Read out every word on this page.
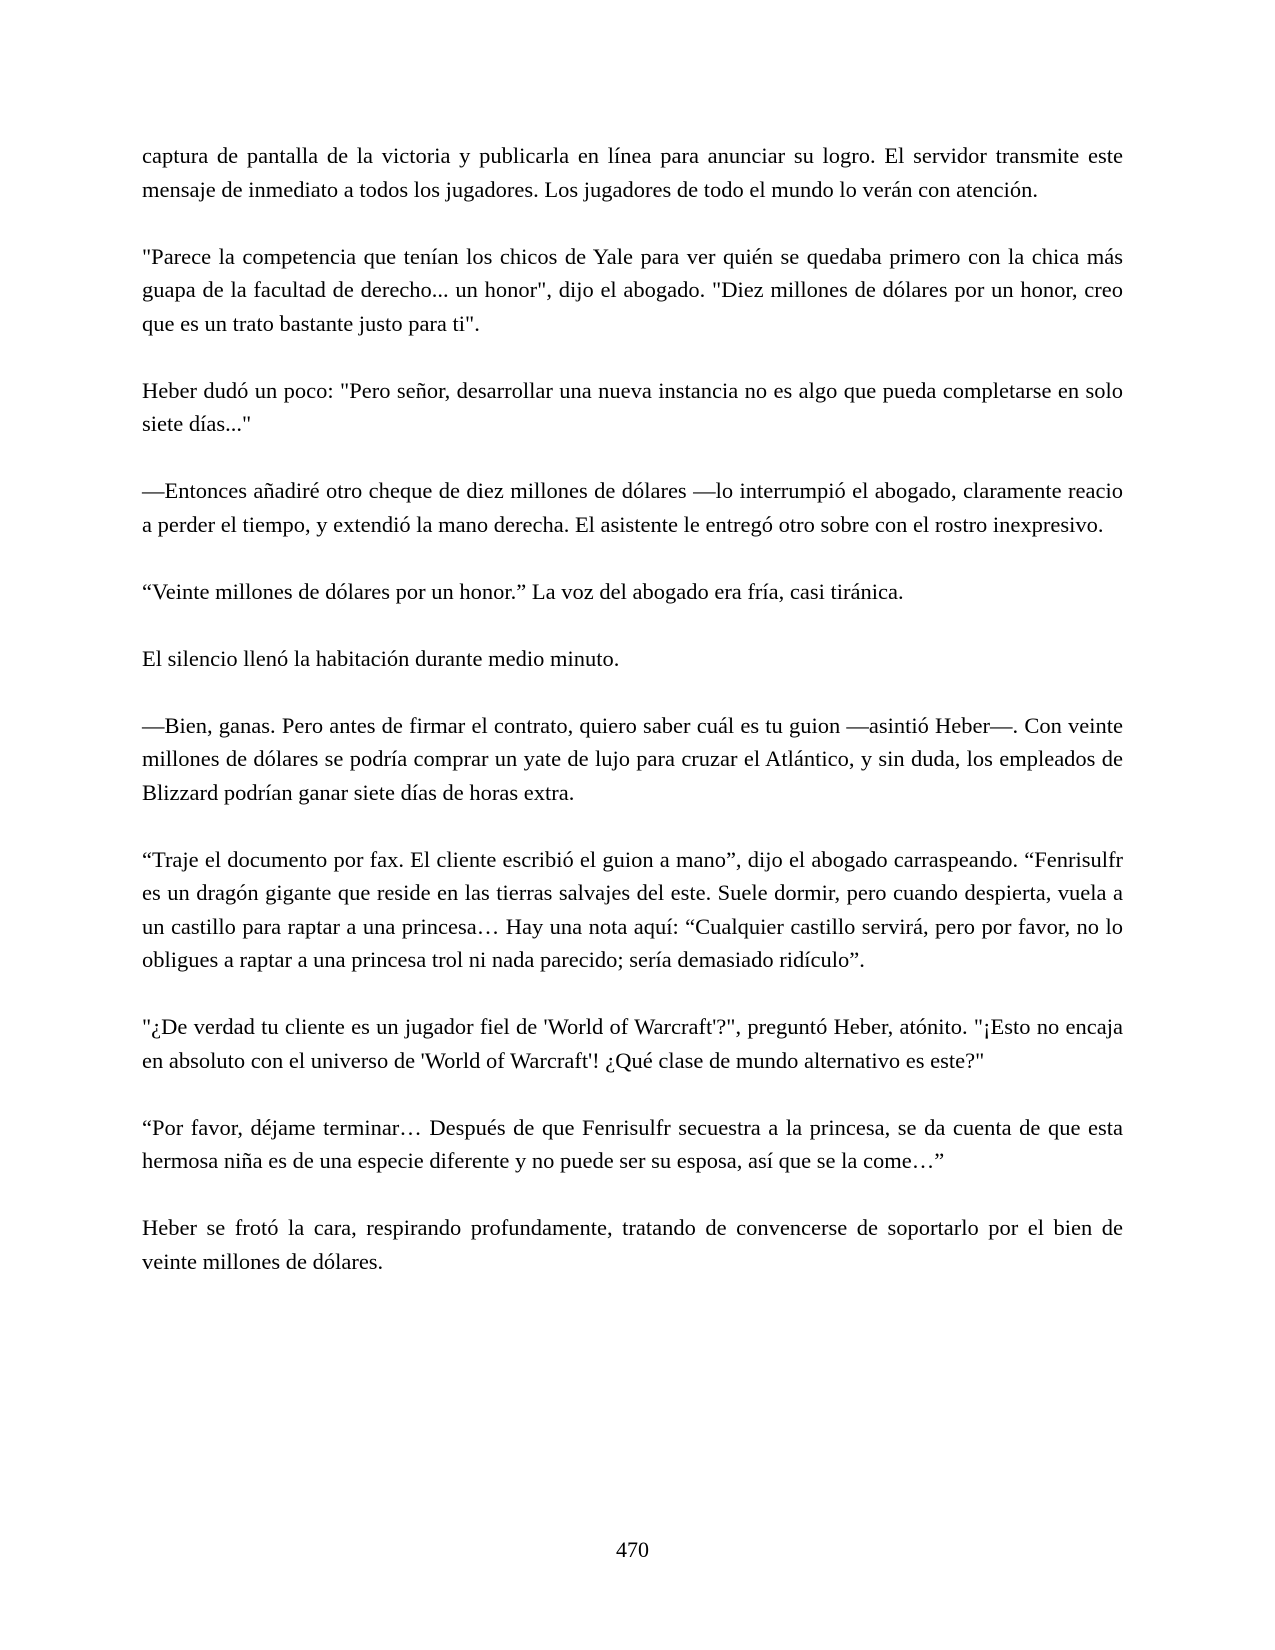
captura de pantalla de la victoria y publicarla en línea para anunciar su logro. El servidor transmite este mensaje de inmediato a todos los jugadores. Los jugadores de todo el mundo lo verán con atención.

"Parece la competencia que tenían los chicos de Yale para ver quién se quedaba primero con la chica más guapa de la facultad de derecho... un honor", dijo el abogado. "Diez millones de dólares por un honor, creo que es un trato bastante justo para ti".

Heber dudó un poco: "Pero señor, desarrollar una nueva instancia no es algo que pueda completarse en solo siete días..."

—Entonces añadiré otro cheque de diez millones de dólares —lo interrumpió el abogado, claramente reacio a perder el tiempo, y extendió la mano derecha. El asistente le entregó otro sobre con el rostro inexpresivo.

“Veinte millones de dólares por un honor.” La voz del abogado era fría, casi tiránica.

El silencio llenó la habitación durante medio minuto.

—Bien, ganas. Pero antes de firmar el contrato, quiero saber cuál es tu guion —asintió Heber—. Con veinte millones de dólares se podría comprar un yate de lujo para cruzar el Atlántico, y sin duda, los empleados de Blizzard podrían ganar siete días de horas extra.

“Traje el documento por fax. El cliente escribió el guion a mano”, dijo el abogado carraspeando. “Fenrisulfr es un dragón gigante que reside en las tierras salvajes del este. Suele dormir, pero cuando despierta, vuela a un castillo para raptar a una princesa… Hay una nota aquí: “Cualquier castillo servirá, pero por favor, no lo obligues a raptar a una princesa trol ni nada parecido; sería demasiado ridículo”.

"¿De verdad tu cliente es un jugador fiel de 'World of Warcraft'?", preguntó Heber, atónito. "¡Esto no encaja en absoluto con el universo de 'World of Warcraft'! ¿Qué clase de mundo alternativo es este?"

“Por favor, déjame terminar… Después de que Fenrisulfr secuestra a la princesa, se da cuenta de que esta hermosa niña es de una especie diferente y no puede ser su esposa, así que se la come…”

Heber se frotó la cara, respirando profundamente, tratando de convencerse de soportarlo por el bien de veinte millones de dólares.

470
